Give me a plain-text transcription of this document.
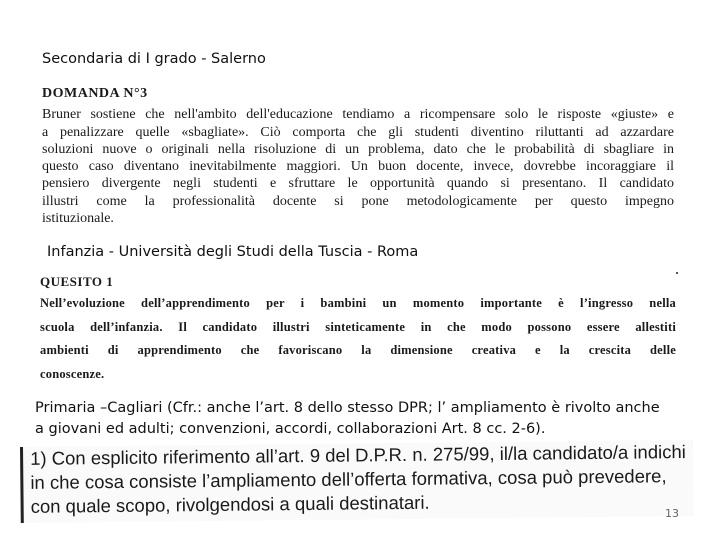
Secondaria di I grado - Salerno
DOMANDA N°3
Bruner sostiene che nell'ambito dell'educazione tendiamo a ricompensare solo le risposte «giuste» e
a penalizzare quelle «sbagliate». Ciò comporta che gli studenti diventino riluttanti ad azzardare
soluzioni nuove o originali nella risoluzione di un problema, dato che le probabilità di sbagliare in
questo caso diventano inevitabilmente maggiori. Un buon docente, invece, dovrebbe incoraggiare il
pensiero divergente negli studenti e sfruttare le opportunità quando si presentano. Il candidato
illustri come la professionalità docente si pone metodologicamente per questo impegno
istituzionale.
Infanzia - Università degli Studi della Tuscia - Roma
QUESITO 1
Nell’evoluzione dell’apprendimento per i bambini un momento importante è l’ingresso nella
scuola dell’infanzia. Il candidato illustri sinteticamente in che modo possono essere allestiti
ambienti di apprendimento che favoriscano la dimensione creativa e la crescita delle
conoscenze.
Primaria –Cagliari (Cfr.: anche l’art. 8 dello stesso DPR; l’ ampliamento è rivolto anche
a giovani ed adulti; convenzioni, accordi, collaborazioni Art. 8 cc. 2-6).
1) Con esplicito riferimento all’art. 9 del D.P.R. n. 275/99, il/la candidato/a indichi
in che cosa consiste l’ampliamento dell’offerta formativa, cosa può prevedere,
con quale scopo, rivolgendosi a quali destinatari.	13
